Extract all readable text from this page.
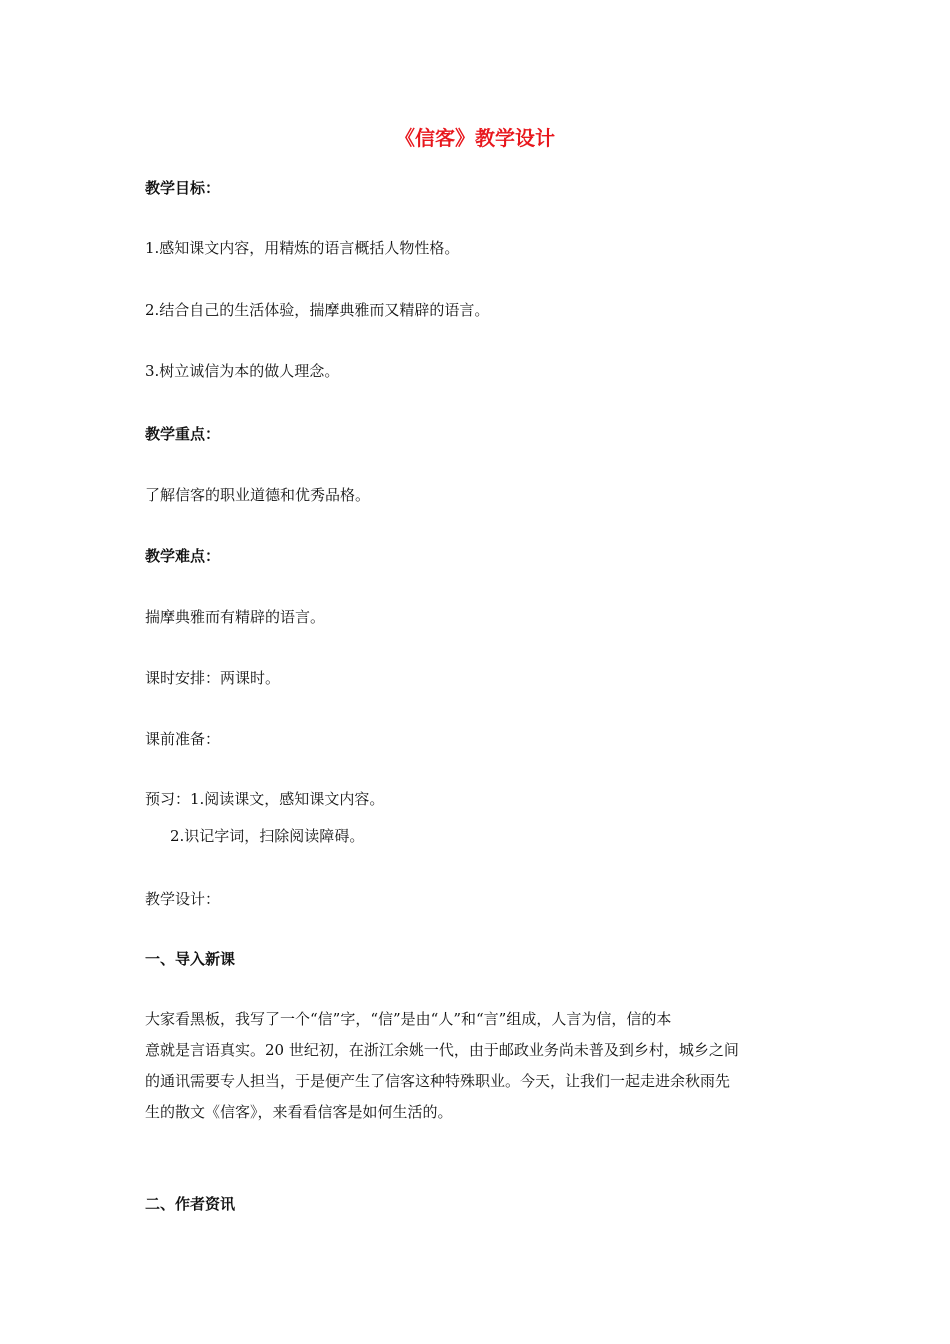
《信客》教学设计
教学目标：
1.感知课文内容，用精炼的语言概括人物性格。
2.结合自己的生活体验，揣摩典雅而又精辟的语言。
3.树立诚信为本的做人理念。
教学重点：
了解信客的职业道德和优秀品格。
教学难点：
揣摩典雅而有精辟的语言。
课时安排：两课时。
课前准备：
预习：1.阅读课文，感知课文内容。
2.识记字词，扫除阅读障碍。
教学设计：
一、导入新课
大家看黑板，我写了一个“信”字，“信”是由“人”和“言”组成，人言为信，信的本
意就是言语真实。20 世纪初，在浙江余姚一代，由于邮政业务尚未普及到乡村，城乡之间
的通讯需要专人担当，于是便产生了信客这种特殊职业。今天，让我们一起走进余秋雨先
生的散文《信客》，来看看信客是如何生活的。
二、作者资讯
